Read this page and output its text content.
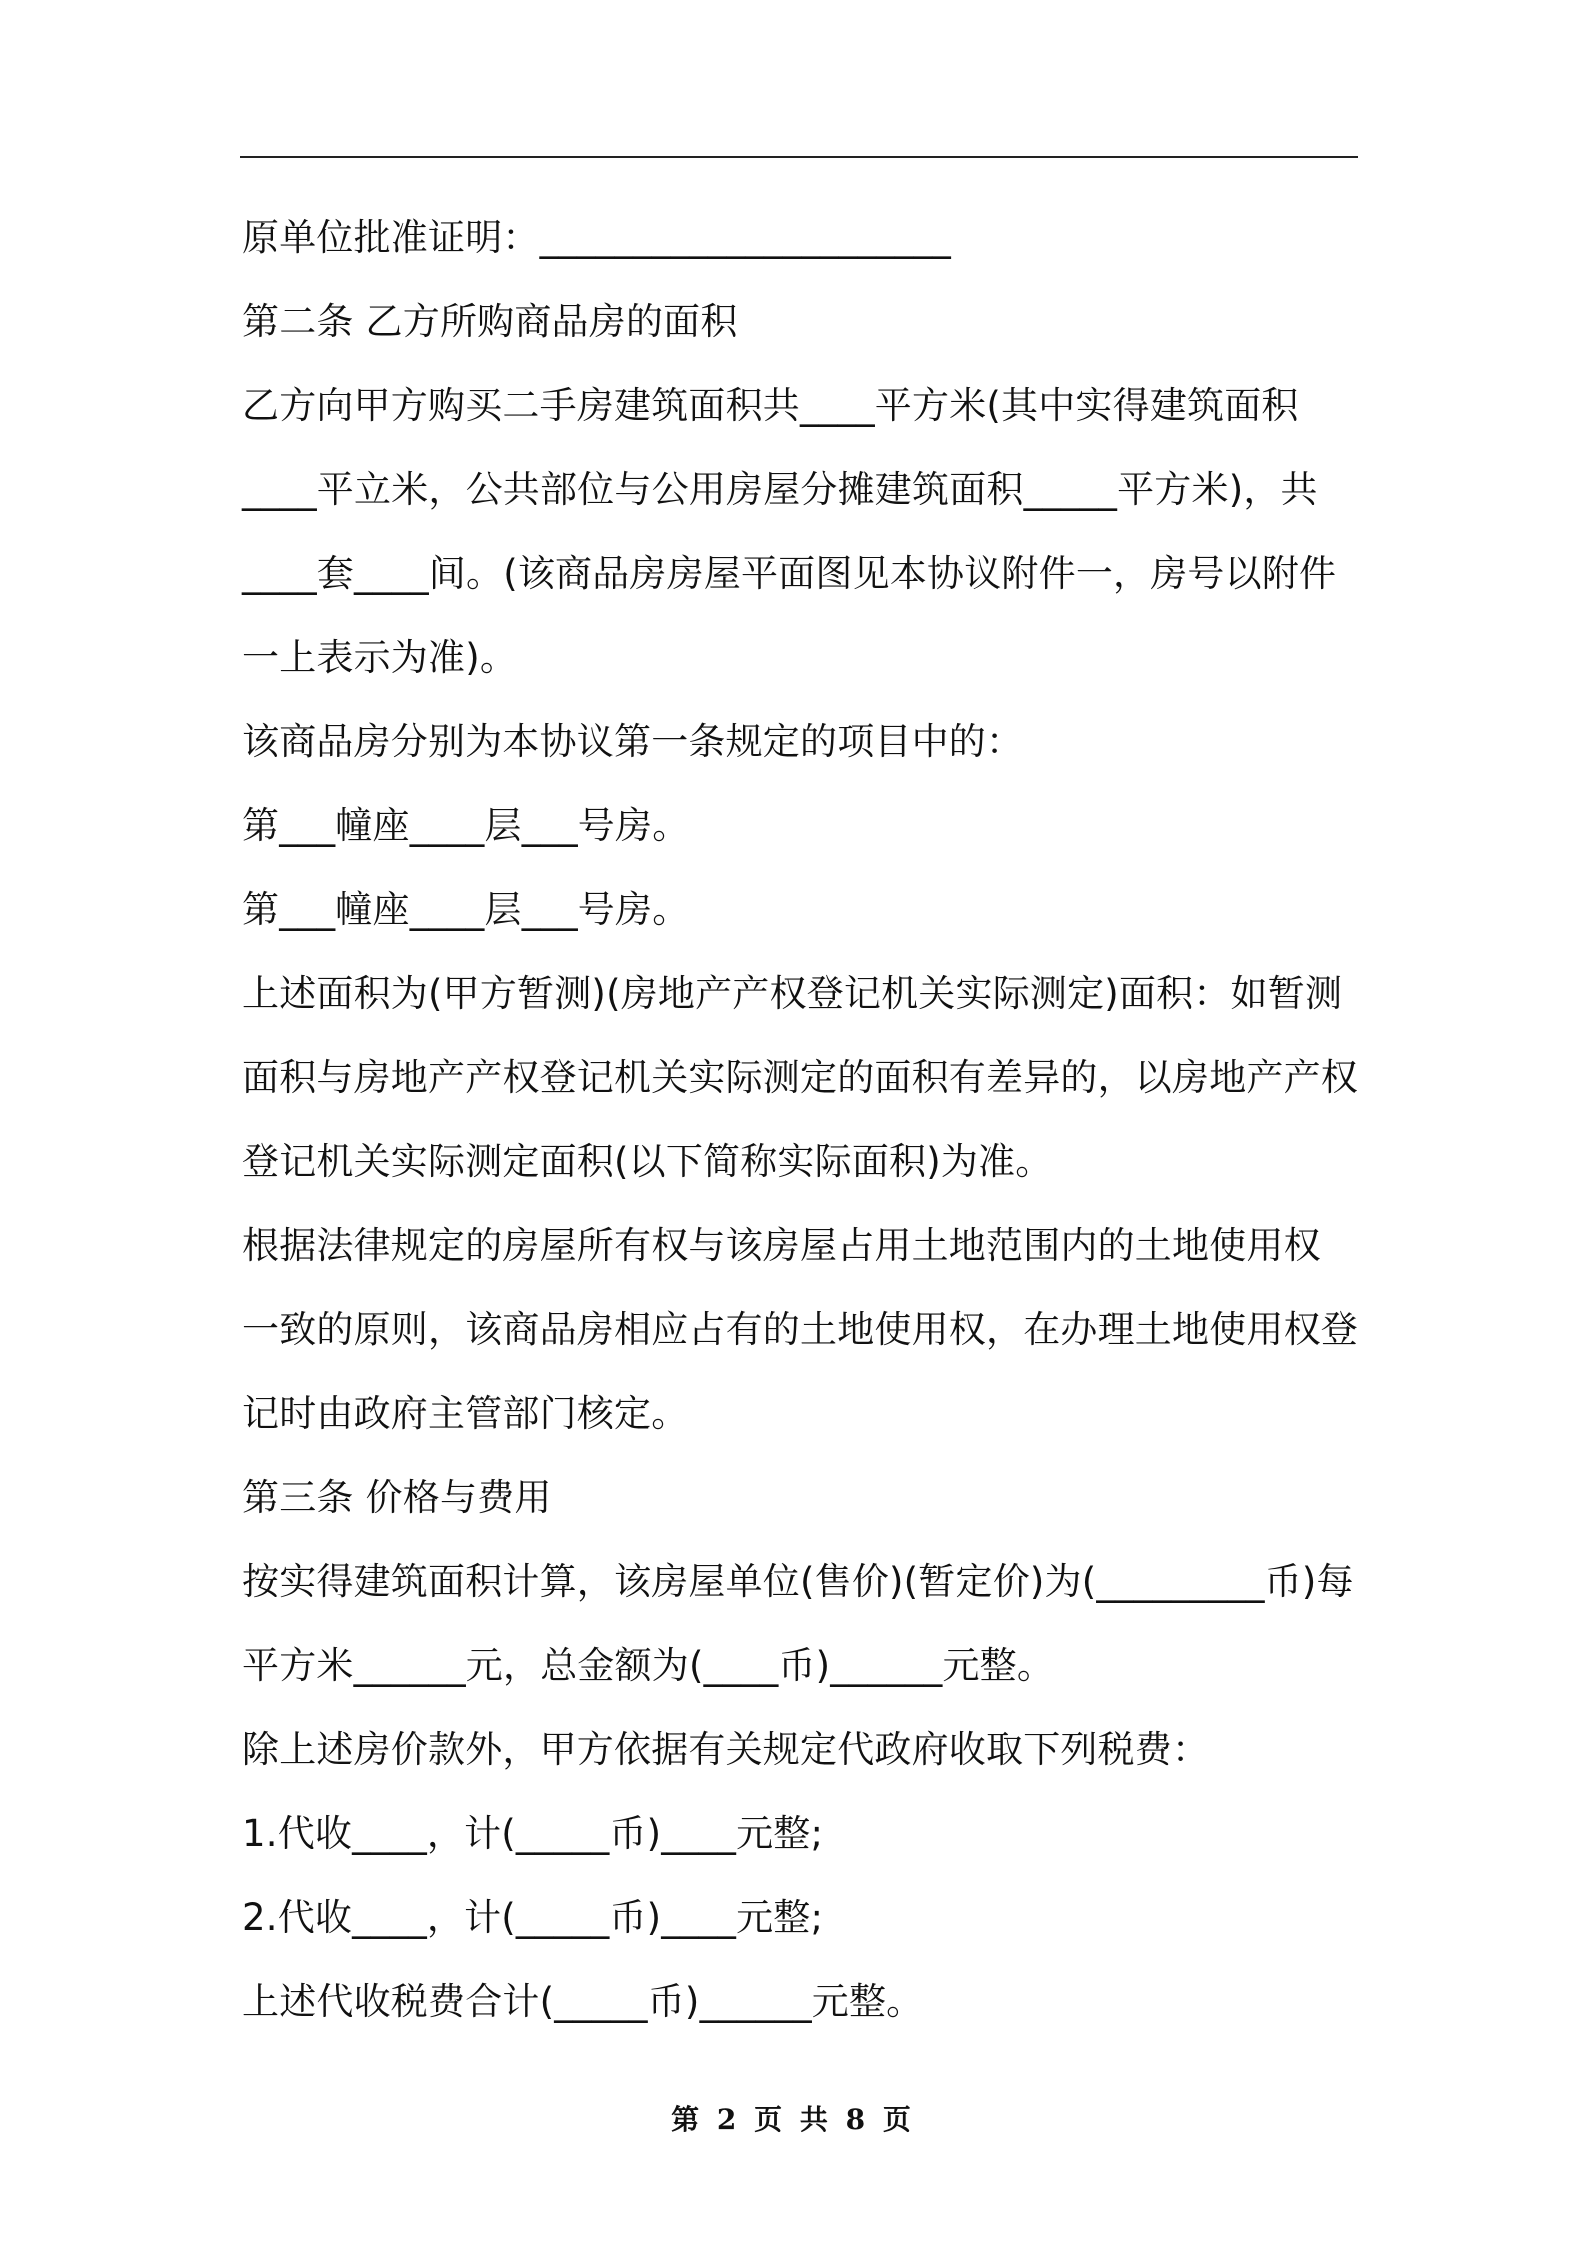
原单位批准证明：______________________
第二条 乙方所购商品房的面积
乙方向甲方购买二手房建筑面积共____平方米(其中实得建筑面积
____平立米，公共部位与公用房屋分摊建筑面积_____平方米)，共
____套____间。(该商品房房屋平面图见本协议附件一，房号以附件
一上表示为准)。
该商品房分别为本协议第一条规定的项目中的：
第___幢座____层___号房。
第___幢座____层___号房。
上述面积为(甲方暂测)(房地产产权登记机关实际测定)面积：如暂测
面积与房地产产权登记机关实际测定的面积有差异的，以房地产产权
登记机关实际测定面积(以下简称实际面积)为准。
根据法律规定的房屋所有权与该房屋占用土地范围内的土地使用权
一致的原则，该商品房相应占有的土地使用权，在办理土地使用权登
记时由政府主管部门核定。
第三条 价格与费用
按实得建筑面积计算，该房屋单位(售价)(暂定价)为(_________币)每
平方米______元，总金额为(____币)______元整。
除上述房价款外，甲方依据有关规定代政府收取下列税费：
1.代收____，计(_____币)____元整;
2.代收____，计(_____币)____元整;
上述代收税费合计(_____币)______元整。
第 2 页 共 8 页
